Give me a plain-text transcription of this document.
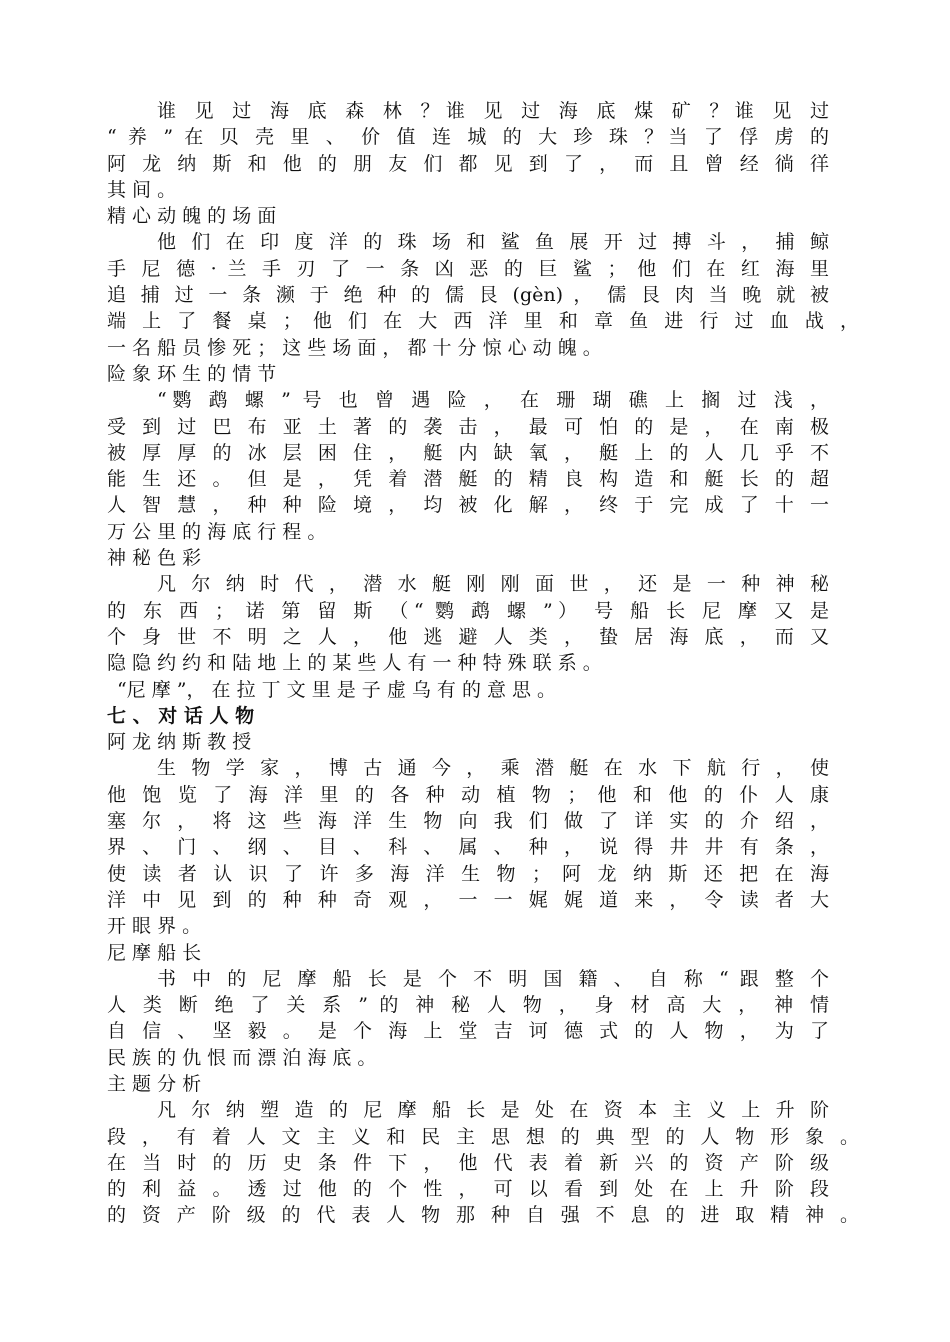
谁 见 过 海 底 森 林 ？谁 见 过 海 底 煤 矿 ？谁 见 过
“ 养 ” 在 贝 壳 里 、 价 值 连 城 的 大 珍 珠 ？当 了 俘 虏 的
阿 龙 纳 斯 和 他 的 朋 友 们 都 见 到 了 ， 而 且 曾 经 徜 徉
其 间 。
精 心 动 魄 的 场 面
他 们 在 印 度 洋 的 珠 场 和 鲨 鱼 展 开 过 搏 斗 ， 捕 鲸
手 尼 德 · 兰 手 刃 了 一 条 凶 恶 的 巨 鲨 ； 他 们 在 红 海 里
追 捕 过 一 条 濒 于 绝 种 的 儒 艮 (gèn) ， 儒 艮 肉 当 晚 就 被
端 上 了 餐 桌 ； 他 们 在 大 西 洋 里 和 章 鱼 进 行 过 血 战 ，
一 名 船 员 惨 死 ； 这 些 场 面 ， 都 十 分 惊 心 动 魄 。
险 象 环 生 的 情 节
“鹦 鹉 螺 ” 号 也 曾 遇 险 ， 在 珊 瑚 礁 上 搁 过 浅 ，
受 到 过 巴 布 亚 土 著 的 袭 击 ， 最 可 怕 的 是 ， 在 南 极
被 厚 厚 的 冰 层 困 住 ， 艇 内 缺 氧 ， 艇 上 的 人 几 乎 不
能 生 还 。 但 是 ， 凭 着 潜 艇 的 精 良 构 造 和 艇 长 的 超
人 智 慧 ， 种 种 险 境 ， 均 被 化 解 ， 终 于 完 成 了 十 一
万 公 里 的 海 底 行 程 。
神 秘 色 彩
凡 尔 纳 时 代 ， 潜 水 艇 刚 刚 面 世 ， 还 是 一 种 神 秘
的 东 西 ； 诺 第 留 斯 （“ 鹦 鹉 螺 ”） 号 船 长 尼 摩 又 是
个 身 世 不 明 之 人 ， 他 逃 避 人 类 ， 蛰 居 海 底 ， 而 又
隐 隐 约 约 和 陆 地 上 的 某 些 人 有 一 种 特 殊 联 系 。
“尼 摩 ”， 在 拉 丁 文 里 是 子 虚 乌 有 的 意 思 。
七 、 对 话 人 物
阿 龙 纳 斯 教 授
生 物 学 家 ， 博 古 通 今 ， 乘 潜 艇 在 水 下 航 行 ， 使
他 饱 览 了 海 洋 里 的 各 种 动 植 物 ； 他 和 他 的 仆 人 康
塞 尔 ， 将 这 些 海 洋 生 物 向 我 们 做 了 详 实 的 介 绍 ，
界 、 门 、 纲 、 目 、 科 、 属 、 种 ， 说 得 井 井 有 条 ，
使 读 者 认 识 了 许 多 海 洋 生 物 ； 阿 龙 纳 斯 还 把 在 海
洋 中 见 到 的 种 种 奇 观 ， 一 一 娓 娓 道 来 ， 令 读 者 大
开 眼 界 。
尼 摩 船 长
书 中 的 尼 摩 船 长 是 个 不 明 国 籍 、 自 称 “ 跟 整 个
人 类 断 绝 了 关 系 ” 的 神 秘 人 物 ， 身 材 高 大 ， 神 情
自 信 、 坚 毅 。 是 个 海 上 堂 吉 诃 德 式 的 人 物 ， 为 了
民 族 的 仇 恨 而 漂 泊 海 底 。
主 题 分 析
凡 尔 纳 塑 造 的 尼 摩 船 长 是 处 在 资 本 主 义 上 升 阶
段 ， 有 着 人 文 主 义 和 民 主 思 想 的 典 型 的 人 物 形 象 。
在 当 时 的 历 史 条 件 下 ， 他 代 表 着 新 兴 的 资 产 阶 级
的 利 益 。 透 过 他 的 个 性 ， 可 以 看 到 处 在 上 升 阶 段
的 资 产 阶 级 的 代 表 人 物 那 种 自 强 不 息 的 进 取 精 神 。
